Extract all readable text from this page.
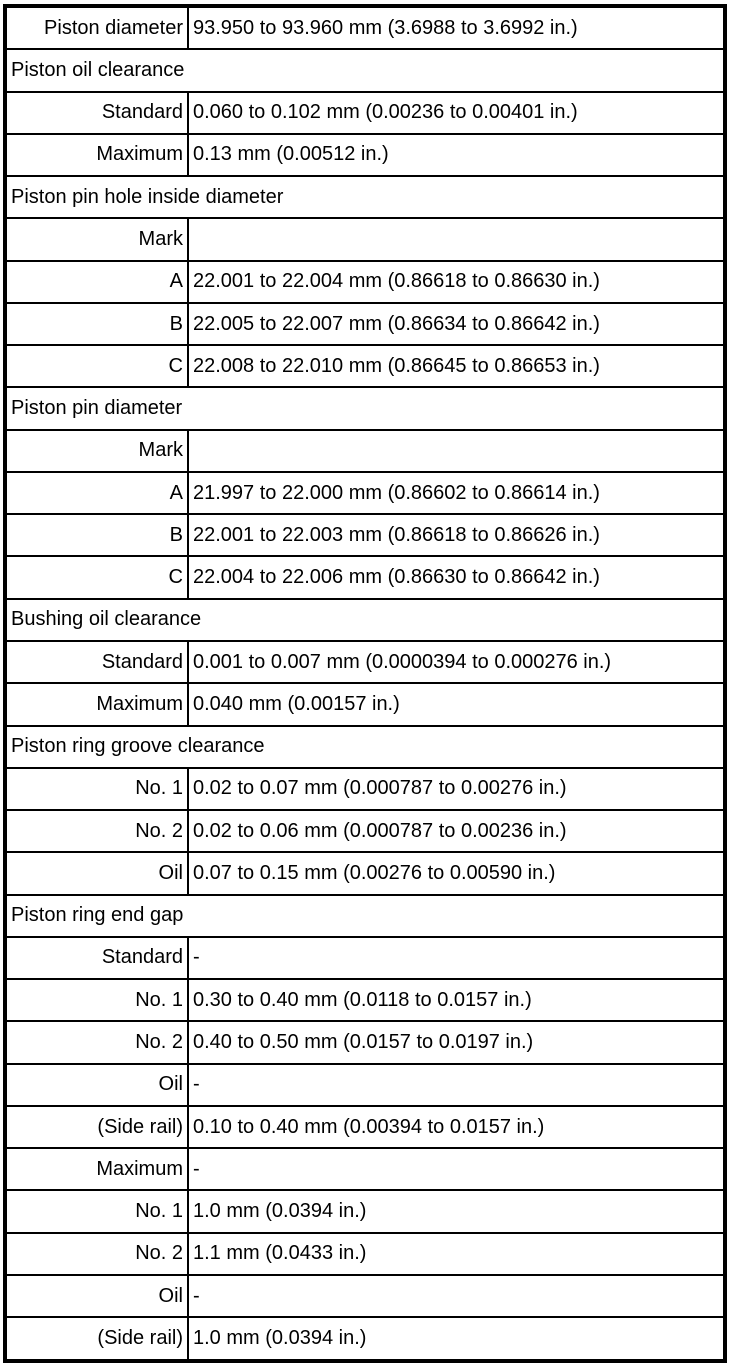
Piston diameter	93.950 to 93.960 mm (3.6988 to 3.6992 in.)
Piston oil clearance	
Standard	0.060 to 0.102 mm (0.00236 to 0.00401 in.)
Maximum	0.13 mm (0.00512 in.)
Piston pin hole inside diameter	
Mark	
A	22.001 to 22.004 mm (0.86618 to 0.86630 in.)
B	22.005 to 22.007 mm (0.86634 to 0.86642 in.)
C	22.008 to 22.010 mm (0.86645 to 0.86653 in.)
Piston pin diameter	
Mark	
A	21.997 to 22.000 mm (0.86602 to 0.86614 in.)
B	22.001 to 22.003 mm (0.86618 to 0.86626 in.)
C	22.004 to 22.006 mm (0.86630 to 0.86642 in.)
Bushing oil clearance	
Standard	0.001 to 0.007 mm (0.0000394 to 0.000276 in.)
Maximum	0.040 mm (0.00157 in.)
Piston ring groove clearance	
No. 1	0.02 to 0.07 mm (0.000787 to 0.00276 in.)
No. 2	0.02 to 0.06 mm (0.000787 to 0.00236 in.)
Oil	0.07 to 0.15 mm (0.00276 to 0.00590 in.)
Piston ring end gap	
Standard	-
No. 1	0.30 to 0.40 mm (0.0118 to 0.0157 in.)
No. 2	0.40 to 0.50 mm (0.0157 to 0.0197 in.)
Oil	-
(Side rail)	0.10 to 0.40 mm (0.00394 to 0.0157 in.)
Maximum	-
No. 1	1.0 mm (0.0394 in.)
No. 2	1.1 mm (0.0433 in.)
Oil	-
(Side rail)	1.0 mm (0.0394 in.)
